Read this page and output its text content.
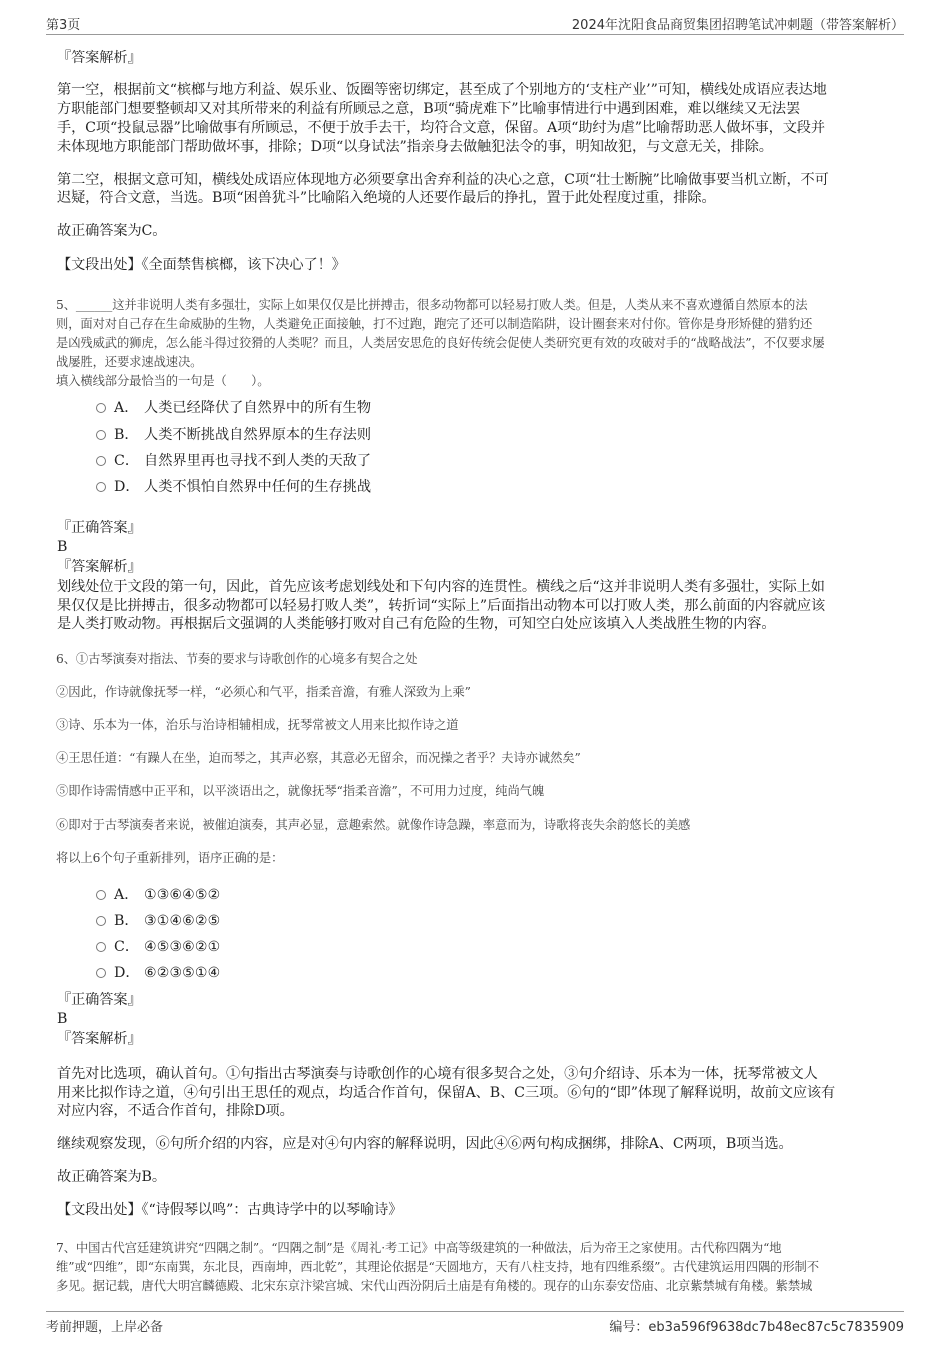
第3页	2024年沈阳食品商贸集团招聘笔试冲刺题（带答案解析）
『答案解析』
第一空，根据前文“槟榔与地方利益、娱乐业、饭圈等密切绑定，甚至成了个别地方的‘支柱产业’”可知，横线处成语应表达地
方职能部门想要整顿却又对其所带来的利益有所顾忌之意，B项“骑虎难下”比喻事情进行中遇到困难，难以继续又无法罢
手，C项“投鼠忌器”比喻做事有所顾忌，不便于放手去干，均符合文意，保留。A项“助纣为虐”比喻帮助恶人做坏事，文段并
未体现地方职能部门帮助做坏事，排除；D项“以身试法”指亲身去做触犯法令的事，明知故犯，与文意无关，排除。
第二空，根据文意可知，横线处成语应体现地方必须要拿出舍弃利益的决心之意，C项“壮士断腕”比喻做事要当机立断，不可
迟疑，符合文意，当选。B项“困兽犹斗”比喻陷入绝境的人还要作最后的挣扎，置于此处程度过重，排除。
故正确答案为C。
【文段出处】《全面禁售槟榔，该下决心了！》
5、______这并非说明人类有多强壮，实际上如果仅仅是比拼搏击，很多动物都可以轻易打败人类。但是，人类从来不喜欢遵循自然原本的法
则，面对对自己存在生命威胁的生物，人类避免正面接触，打不过跑，跑完了还可以制造陷阱，设计圈套来对付你。管你是身形矫健的猎豹还
是凶残威武的狮虎，怎么能斗得过狡猾的人类呢？而且，人类居安思危的良好传统会促使人类研究更有效的攻破对手的“战略战法”，不仅要求屡
战屡胜，还要求速战速决。
填入横线部分最恰当的一句是（　　）。
A． 人类已经降伏了自然界中的所有生物
B． 人类不断挑战自然界原本的生存法则
C． 自然界里再也寻找不到人类的天敌了
D． 人类不惧怕自然界中任何的生存挑战
『正确答案』
B
『答案解析』
划线处位于文段的第一句，因此，首先应该考虑划线处和下句内容的连贯性。横线之后“这并非说明人类有多强壮，实际上如
果仅仅是比拼搏击，很多动物都可以轻易打败人类”，转折词“实际上”后面指出动物本可以打败人类，那么前面的内容就应该
是人类打败动物。再根据后文强调的人类能够打败对自己有危险的生物，可知空白处应该填入人类战胜生物的内容。
6、①古琴演奏对指法、节奏的要求与诗歌创作的心境多有契合之处
②因此，作诗就像抚琴一样，“必须心和气平，指柔音澹，有雅人深致为上乘”
③诗、乐本为一体，治乐与治诗相辅相成，抚琴常被文人用来比拟作诗之道
④王思任道：“有躁人在坐，迫而琴之，其声必察，其意必无留余，而况操之者乎？夫诗亦诚然矣”
⑤即作诗需情感中正平和，以平淡语出之，就像抚琴“指柔音澹”，不可用力过度，纯尚气魄
⑥即对于古琴演奏者来说，被催迫演奏，其声必显，意趣索然。就像作诗急躁，率意而为，诗歌将丧失余韵悠长的美感
将以上6个句子重新排列，语序正确的是：
A． ①③⑥④⑤②
B． ③①④⑥②⑤
C． ④⑤③⑥②①
D． ⑥②③⑤①④
『正确答案』
B
『答案解析』
首先对比选项，确认首句。①句指出古琴演奏与诗歌创作的心境有很多契合之处，③句介绍诗、乐本为一体，抚琴常被文人
用来比拟作诗之道，④句引出王思任的观点，均适合作首句，保留A、B、C三项。⑥句的“即”体现了解释说明，故前文应该有
对应内容，不适合作首句，排除D项。
继续观察发现，⑥句所介绍的内容，应是对④句内容的解释说明，因此④⑥两句构成捆绑，排除A、C两项，B项当选。
故正确答案为B。
【文段出处】《“诗假琴以鸣”：古典诗学中的以琴喻诗》
7、中国古代宫廷建筑讲究“四隅之制”。“四隅之制”是《周礼·考工记》中高等级建筑的一种做法，后为帝王之家使用。古代称四隅为“地
维”或“四维”，即“东南巽，东北艮，西南坤，西北乾”，其理论依据是“天圆地方，天有八柱支持，地有四维系缀”。古代建筑运用四隅的形制不
多见。据记载，唐代大明宫麟德殿、北宋东京汴梁宫城、宋代山西汾阴后土庙是有角楼的。现存的山东泰安岱庙、北京紫禁城有角楼。紫禁城
考前押题，上岸必备	编号：eb3a596f9638dc7b48ec87c5c7835909
